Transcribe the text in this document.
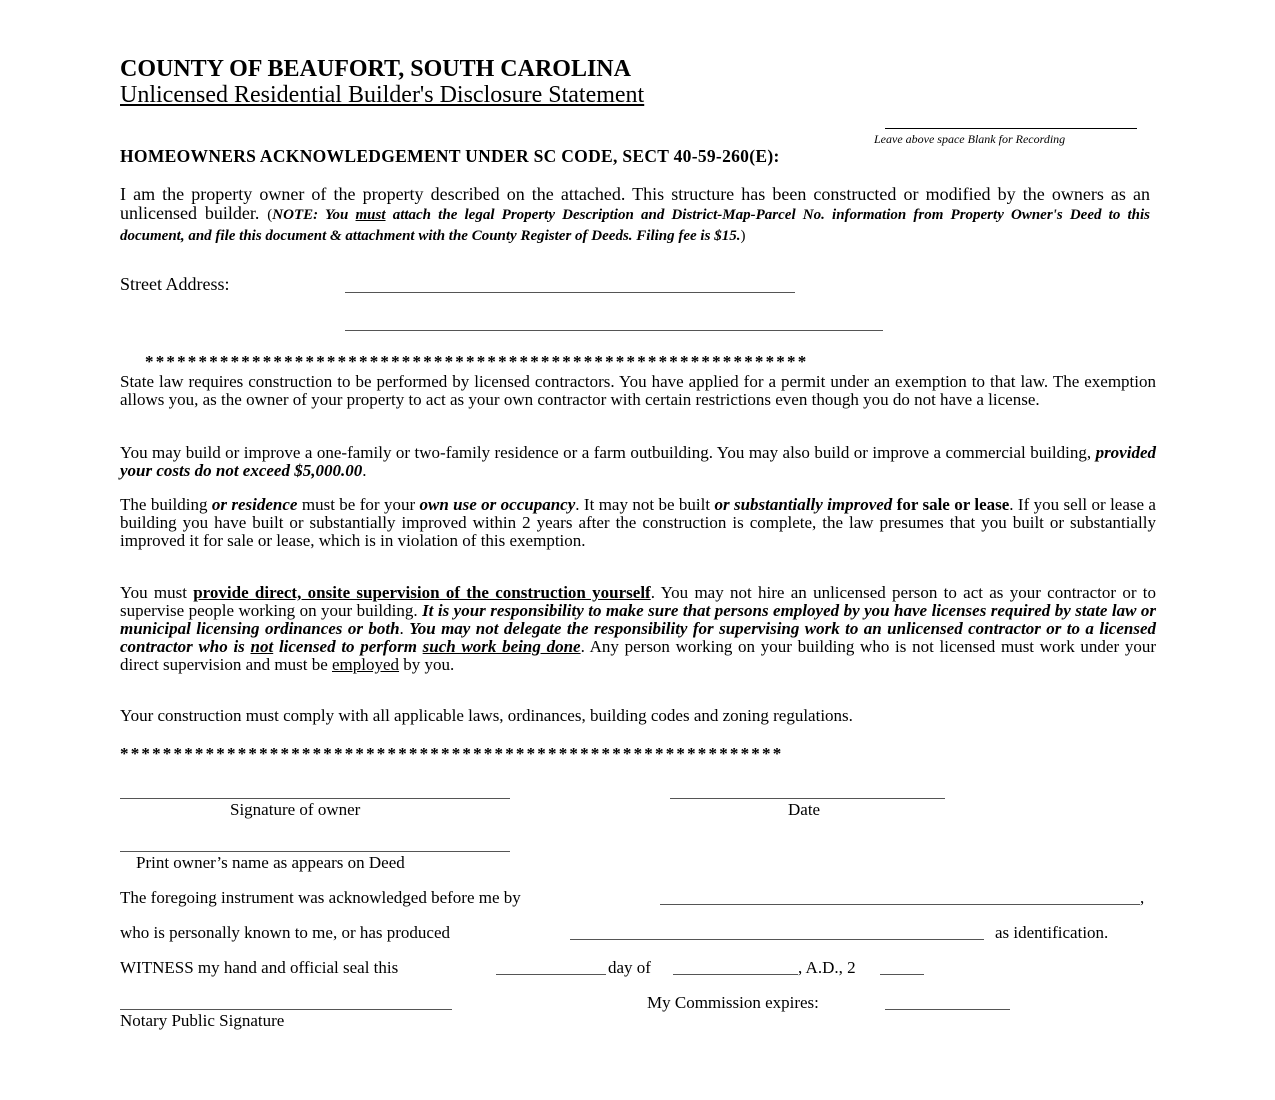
COUNTY OF BEAUFORT, SOUTH CAROLINA
Unlicensed Residential Builder's Disclosure Statement
Leave above space Blank for Recording
HOMEOWNERS ACKNOWLEDGEMENT UNDER SC CODE, SECT 40-59-260(E):
I am the property owner of the property described on the attached. This structure has been constructed or modified by the owners as an unlicensed builder. (NOTE: You must attach the legal Property Description and District-Map-Parcel No. information from Property Owner's Deed to this document, and file this document & attachment with the County Register of Deeds. Filing fee is $15.)
Street Address:
**************************************************************
State law requires construction to be performed by licensed contractors. You have applied for a permit under an exemption to that law. The exemption allows you, as the owner of your property to act as your own contractor with certain restrictions even though you do not have a license.
You may build or improve a one-family or two-family residence or a farm outbuilding. You may also build or improve a commercial building, provided your costs do not exceed $5,000.00.
The building or residence must be for your own use or occupancy. It may not be built or substantially improved for sale or lease. If you sell or lease a building you have built or substantially improved within 2 years after the construction is complete, the law presumes that you built or substantially improved it for sale or lease, which is in violation of this exemption.
You must provide direct, onsite supervision of the construction yourself. You may not hire an unlicensed person to act as your contractor or to supervise people working on your building. It is your responsibility to make sure that persons employed by you have licenses required by state law or municipal licensing ordinances or both. You may not delegate the responsibility for supervising work to an unlicensed contractor or to a licensed contractor who is not licensed to perform such work being done. Any person working on your building who is not licensed must work under your direct supervision and must be employed by you.
Your construction must comply with all applicable laws, ordinances, building codes and zoning regulations.
**************************************************************
Signature of owner	Date
Print owner’s name as appears on Deed
The foregoing instrument was acknowledged before me by	,
who is personally known to me, or has produced	as identification.
WITNESS my hand and official seal this	day of	, A.D., 2
My Commission expires:
Notary Public Signature
